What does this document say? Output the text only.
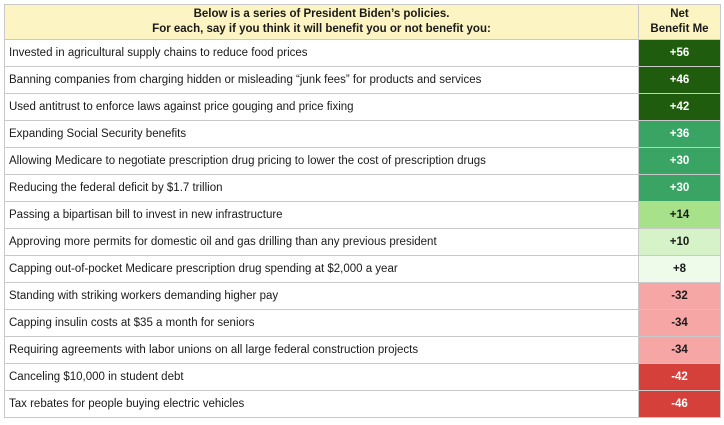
Below is a series of President Biden’s policies.
For each, say if you think it will benefit you or not benefit you:	Net
Benefit Me

Invested in agricultural supply chains to reduce food prices	+56
Banning companies from charging hidden or misleading “junk fees” for products and services	+46
Used antitrust to enforce laws against price gouging and price fixing	+42
Expanding Social Security benefits	+36
Allowing Medicare to negotiate prescription drug pricing to lower the cost of prescription drugs	+30
Reducing the federal deficit by $1.7 trillion	+30
Passing a bipartisan bill to invest in new infrastructure	+14
Approving more permits for domestic oil and gas drilling than any previous president	+10
Capping out-of-pocket Medicare prescription drug spending at $2,000 a year	+8
Standing with striking workers demanding higher pay	-32
Capping insulin costs at $35 a month for seniors	-34
Requiring agreements with labor unions on all large federal construction projects	-34
Canceling $10,000 in student debt	-42
Tax rebates for people buying electric vehicles	-46
